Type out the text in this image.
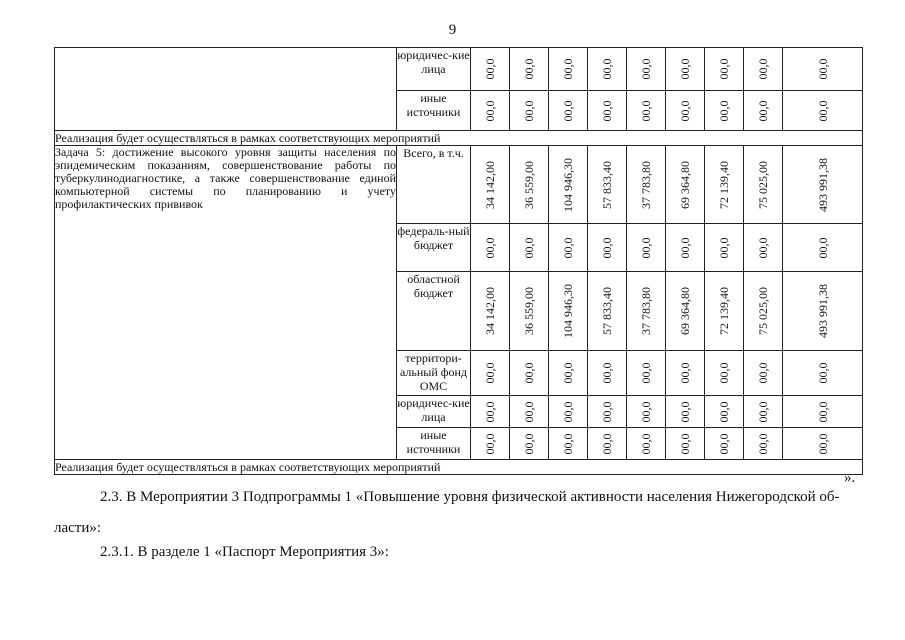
9
	юридичес-кие лица	00,0	00,0	00,0	00,0	00,0	00,0	00,0	00,0	00,0

	иные источники	00,0	00,0	00,0	00,0	00,0	00,0	00,0	00,0	00,0

Реализация будет осуществляться в рамках соответствующих мероприятий										
Задача 5: достижение высокого уровня защиты населения по эпидемическим показаниям, совершенствование работы по туберкулинодиагностике, а также совершенствование единой компьютерной системы по планированию и учету профилактических прививок	Всего, в т.ч.	34 142,00	36 559,00	104 946,30	57 833,40	37 783,80	69 364,80	72 139,40	75 025,00	493 991,38

	федераль-ный бюджет	00,0	00,0	00,0	00,0	00,0	00,0	00,0	00,0	00,0

	областной бюджет	34 142,00	36 559,00	104 946,30	57 833,40	37 783,80	69 364,80	72 139,40	75 025,00	493 991,38

	территори-альный фонд ОМС	00,0	00,0	00,0	00,0	00,0	00,0	00,0	00,0	00,0

	юридичес-кие лица	00,0	00,0	00,0	00,0	00,0	00,0	00,0	00,0	00,0

	иные источники	00,0	00,0	00,0	00,0	00,0	00,0	00,0	00,0	00,0

Реализация будет осуществляться в рамках соответствующих мероприятий										
».
2.3. В Мероприятии 3 Подпрограммы 1 «Повышение уровня физической активности населения Нижегородской об-
ласти»:
2.3.1. В разделе 1 «Паспорт Мероприятия 3»:
